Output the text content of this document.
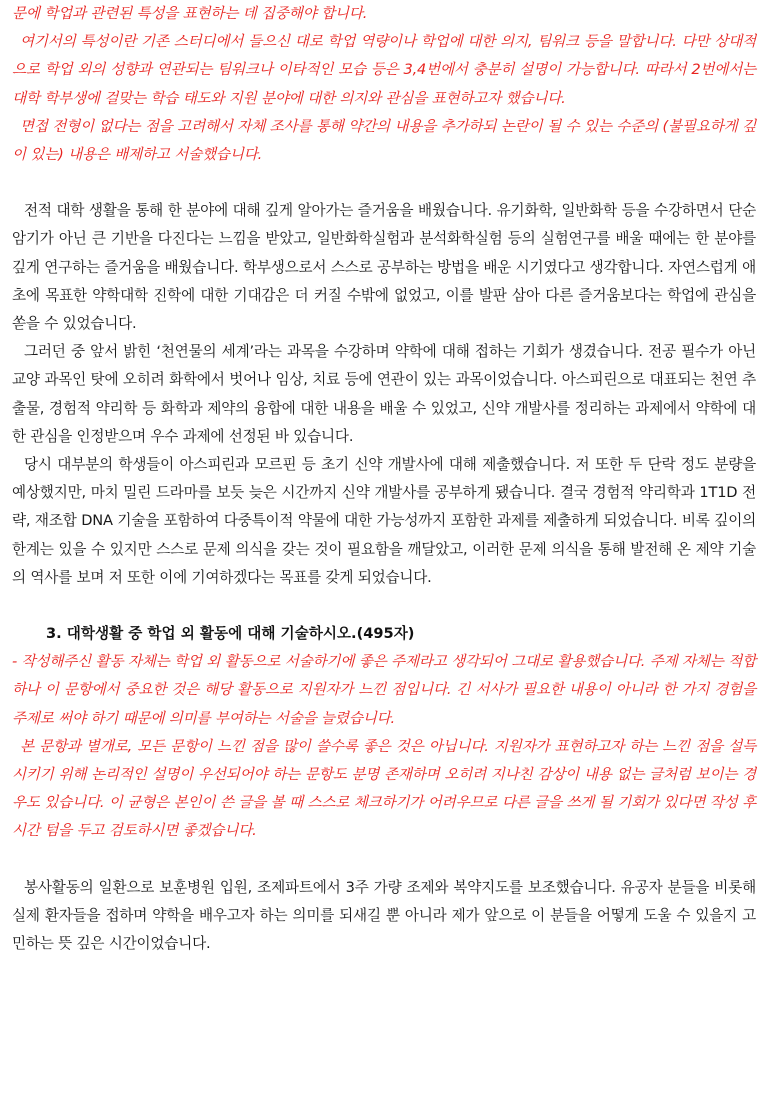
문에 학업과 관련된 특성을 표현하는 데 집중해야 합니다.

여기서의 특성이란 기존 스터디에서 들으신 대로 학업 역량이나 학업에 대한 의지, 팀워크 등을 말합니다. 다만 상대적으로 학업 외의 성향과 연관되는 팀워크나 이타적인 모습 등은 3,4번에서 충분히 설명이 가능합니다. 따라서 2번에서는 대학 학부생에 걸맞는 학습 태도와 지원 분야에 대한 의지와 관심을 표현하고자 했습니다.

면접 전형이 없다는 점을 고려해서 자체 조사를 통해 약간의 내용을 추가하되 논란이 될 수 있는 수준의 (불필요하게 깊이 있는) 내용은 배제하고 서술했습니다.

전적 대학 생활을 통해 한 분야에 대해 깊게 알아가는 즐거움을 배웠습니다. 유기화학, 일반화학 등을 수강하면서 단순암기가 아닌 큰 기반을 다진다는 느낌을 받았고, 일반화학실험과 분석화학실험 등의 실험연구를 배울 때에는 한 분야를 깊게 연구하는 즐거움을 배웠습니다. 학부생으로서 스스로 공부하는 방법을 배운 시기였다고 생각합니다. 자연스럽게 애초에 목표한 약학대학 진학에 대한 기대감은 더 커질 수밖에 없었고, 이를 발판 삼아 다른 즐거움보다는 학업에 관심을 쏟을 수 있었습니다.

그러던 중 앞서 밝힌 ‘천연물의 세계’라는 과목을 수강하며 약학에 대해 접하는 기회가 생겼습니다. 전공 필수가 아닌 교양 과목인 탓에 오히려 화학에서 벗어나 임상, 치료 등에 연관이 있는 과목이었습니다. 아스피린으로 대표되는 천연 추출물, 경험적 약리학 등 화학과 제약의 융합에 대한 내용을 배울 수 있었고, 신약 개발사를 정리하는 과제에서 약학에 대한 관심을 인정받으며 우수 과제에 선정된 바 있습니다.

당시 대부분의 학생들이 아스피린과 모르핀 등 초기 신약 개발사에 대해 제출했습니다. 저 또한 두 단락 정도 분량을 예상했지만, 마치 밀린 드라마를 보듯 늦은 시간까지 신약 개발사를 공부하게 됐습니다. 결국 경험적 약리학과 1T1D 전략, 재조합 DNA 기술을 포함하여 다중특이적 약물에 대한 가능성까지 포함한 과제를 제출하게 되었습니다. 비록 깊이의 한계는 있을 수 있지만 스스로 문제 의식을 갖는 것이 필요함을 깨달았고, 이러한 문제 의식을 통해 발전해 온 제약 기술의 역사를 보며 저 또한 이에 기여하겠다는 목표를 갖게 되었습니다.

3. 대학생활 중 학업 외 활동에 대해 기술하시오.(495자)

- 작성해주신 활동 자체는 학업 외 활동으로 서술하기에 좋은 주제라고 생각되어 그대로 활용했습니다. 주제 자체는 적합하나 이 문항에서 중요한 것은 해당 활동으로 지원자가 느낀 점입니다. 긴 서사가 필요한 내용이 아니라 한 가지 경험을 주제로 써야 하기 때문에 의미를 부여하는 서술을 늘렸습니다.

본 문항과 별개로, 모든 문항이 느낀 점을 많이 쓸수록 좋은 것은 아닙니다. 지원자가 표현하고자 하는 느낀 점을 설득시키기 위해 논리적인 설명이 우선되어야 하는 문항도 분명 존재하며 오히려 지나친 감상이 내용 없는 글처럼 보이는 경우도 있습니다. 이 균형은 본인이 쓴 글을 볼 때 스스로 체크하기가 어려우므로 다른 글을 쓰게 될 기회가 있다면 작성 후 시간 텀을 두고 검토하시면 좋겠습니다.

봉사활동의 일환으로 보훈병원 입원, 조제파트에서 3주 가량 조제와 복약지도를 보조했습니다. 유공자 분들을 비롯해 실제 환자들을 접하며 약학을 배우고자 하는 의미를 되새길 뿐 아니라 제가 앞으로 이 분들을 어떻게 도울 수 있을지 고민하는 뜻 깊은 시간이었습니다.
